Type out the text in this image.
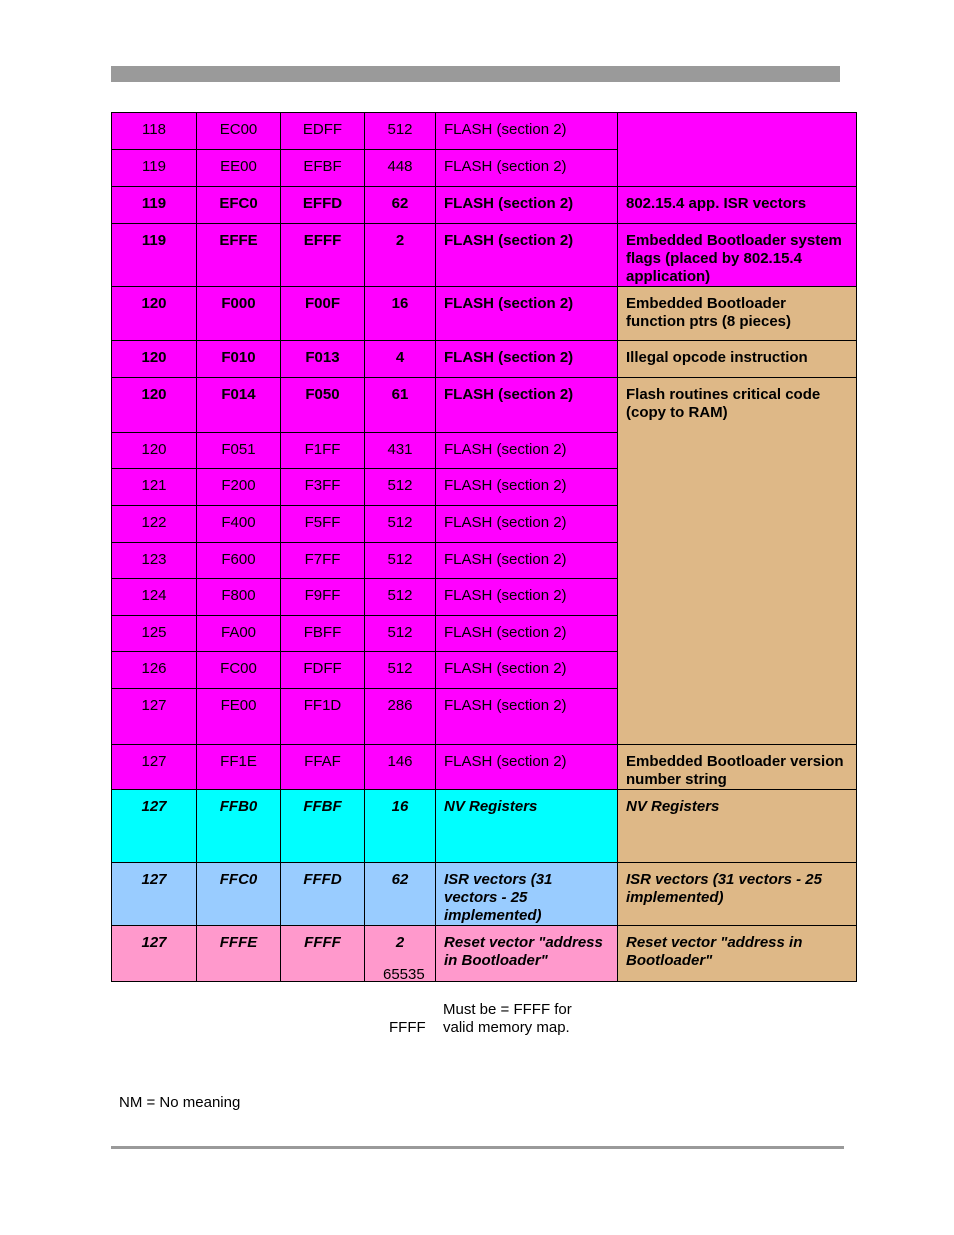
118	EC00	EDFF	512	FLASH (section 2)	
119	EE00	EFBF	448	FLASH (section 2)	
119	EFC0	EFFD	62	FLASH (section 2)	802.15.4 app. ISR vectors
119	EFFE	EFFF	2	FLASH (section 2)	Embedded Bootloader system flags (placed by 802.15.4 application)
120	F000	F00F	16	FLASH (section 2)	Embedded Bootloader function ptrs (8 pieces)
120	F010	F013	4	FLASH (section 2)	Illegal opcode instruction
120	F014	F050	61	FLASH (section 2)	Flash routines critical code (copy to RAM)
120	F051	F1FF	431	FLASH (section 2)	
121	F200	F3FF	512	FLASH (section 2)	
122	F400	F5FF	512	FLASH (section 2)	
123	F600	F7FF	512	FLASH (section 2)	
124	F800	F9FF	512	FLASH (section 2)	
125	FA00	FBFF	512	FLASH (section 2)	
126	FC00	FDFF	512	FLASH (section 2)	
127	FE00	FF1D	286	FLASH (section 2)	
127	FF1E	FFAF	146	FLASH (section 2)	Embedded Bootloader version number string
127	FFB0	FFBF	16	NV Registers	NV Registers
127	FFC0	FFFD	62	ISR vectors (31 vectors - 25 implemented)	ISR vectors (31 vectors - 25 implemented)
127	FFFE	FFFF	2	Reset vector "address in Bootloader"	Reset vector "address in Bootloader"
65535
Must be = FFFF for valid memory map.
FFFF
NM = No meaning
